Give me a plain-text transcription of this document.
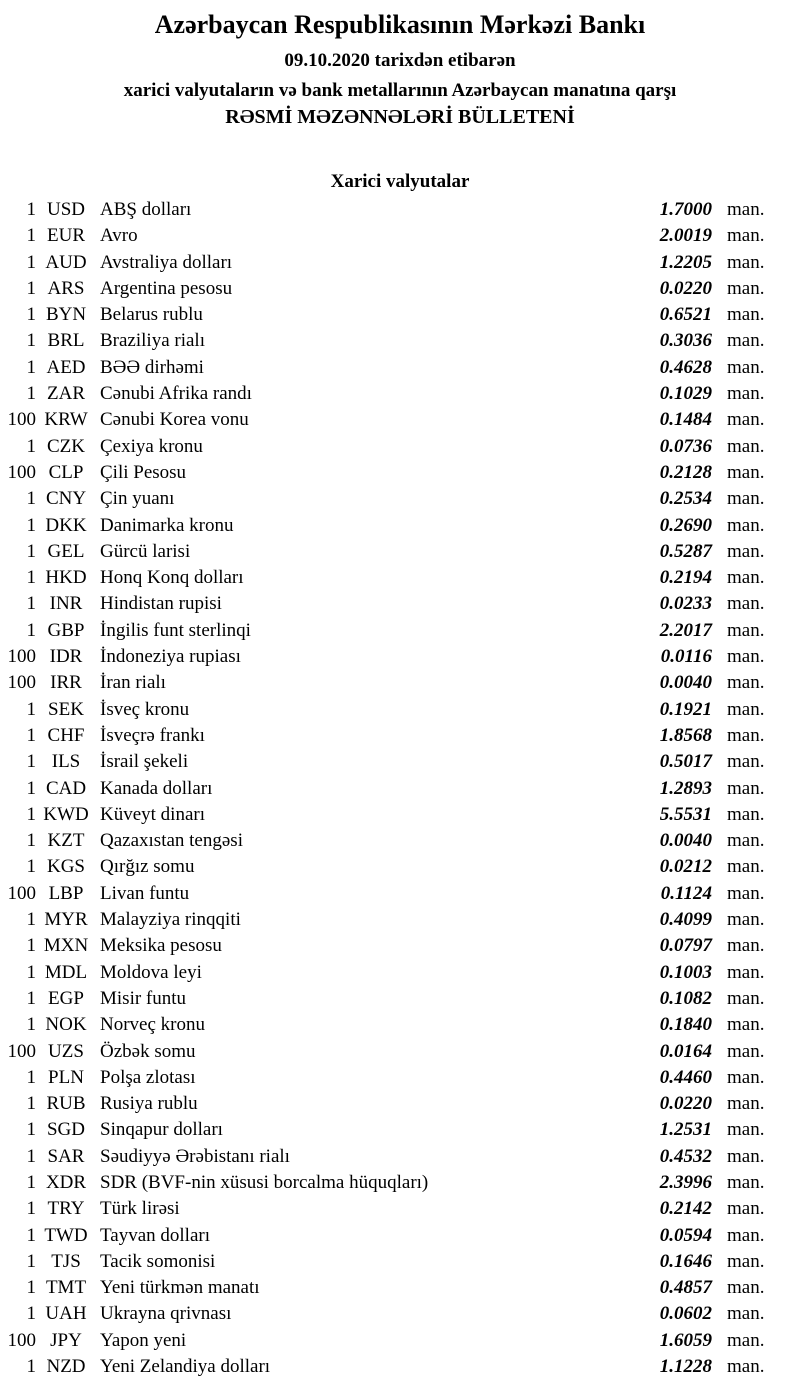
Azərbaycan Respublikasının Mərkəzi Bankı
09.10.2020 tarixdən etibarən
xarici valyutaların və bank metallarının Azərbaycan manatına qarşı
RƏSMİ MƏZƏNNƏLƏRİ BÜLLETENİ
Xarici valyutalar
1 USD ABŞ dolları	1.7000 man.
1 EUR Avro	2.0019 man.
1 AUD Avstraliya dolları	1.2205 man.
1 ARS Argentina pesosu	0.0220 man.
1 BYN Belarus rublu	0.6521 man.
1 BRL Braziliya rialı	0.3036 man.
1 AED BƏƏ dirhəmi	0.4628 man.
1 ZAR Cənubi Afrika randı	0.1029 man.
100 KRW Cənubi Korea vonu	0.1484 man.
1 CZK Çexiya kronu	0.0736 man.
100 CLP Çili Pesosu	0.2128 man.
1 CNY Çin yuanı	0.2534 man.
1 DKK Danimarka kronu	0.2690 man.
1 GEL Gürcü larisi	0.5287 man.
1 HKD Honq Konq dolları	0.2194 man.
1 INR Hindistan rupisi	0.0233 man.
1 GBP İngilis funt sterlinqi	2.2017 man.
100 IDR İndoneziya rupiası	0.0116 man.
100 IRR İran rialı	0.0040 man.
1 SEK İsveç kronu	0.1921 man.
1 CHF İsveçrə frankı	1.8568 man.
1 ILS	İsrail şekeli	0.5017 man.
1 CAD Kanada dolları	1.2893 man.
1 KWD Küveyt dinarı	5.5531 man.
1 KZT Qazaxıstan tengəsi	0.0040 man.
1 KGS Qırğız somu	0.0212 man.
100 LBP Livan funtu	0.1124 man.
1 MYR Malayziya rinqqiti	0.4099 man.
1 MXN Meksika pesosu	0.0797 man.
1 MDL Moldova leyi	0.1003 man.
1 EGP Misir funtu	0.1082 man.
1 NOK Norveç kronu	0.1840 man.
100 UZS Özbək somu	0.0164 man.
1 PLN Polşa zlotası	0.4460 man.
1 RUB Rusiya rublu	0.0220 man.
1 SGD Sinqapur dolları	1.2531 man.
1 SAR Səudiyyə Ərəbistanı rialı	0.4532 man.
1 XDR SDR (BVF-nin xüsusi borcalma hüquqları)	2.3996 man.
1 TRY Türk lirəsi	0.2142 man.
1 TWD Tayvan dolları	0.0594 man.
1 TJS	Tacik somonisi	0.1646 man.
1 TMT Yeni türkmən manatı	0.4857 man.
1 UAH Ukrayna qrivnası	0.0602 man.
100 JPY Yapon yeni	1.6059 man.
1 NZD Yeni Zelandiya dolları	1.1228 man.
